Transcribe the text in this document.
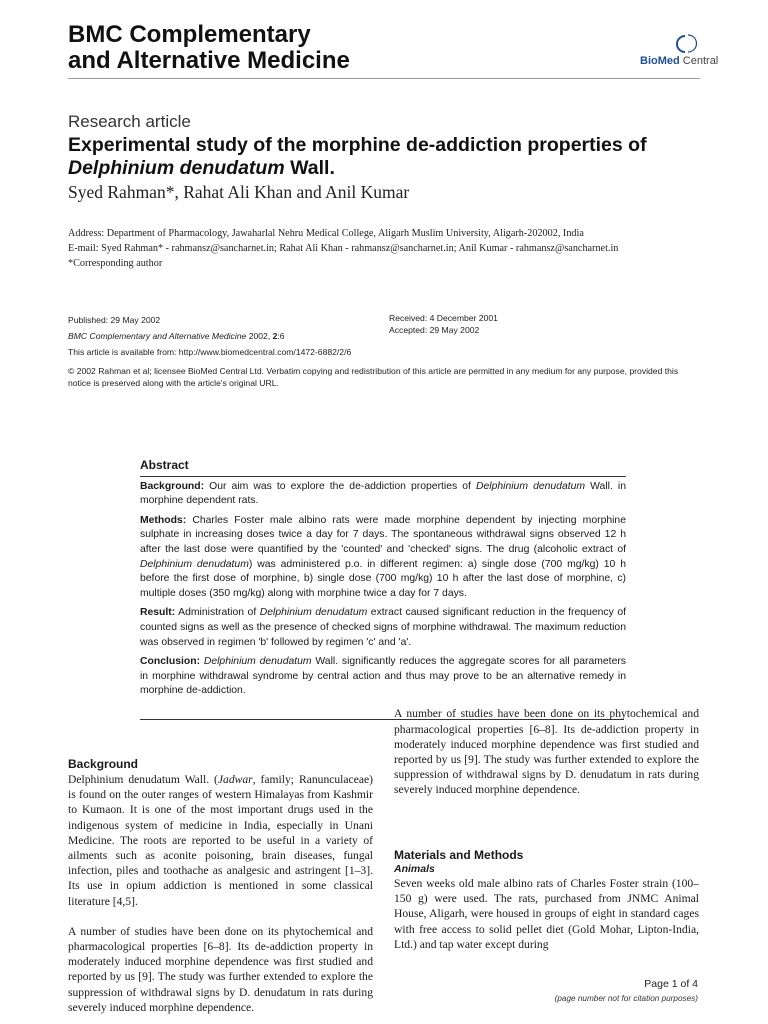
BMC Complementary
and Alternative Medicine	BioMed Central

Research article

Experimental study of the morphine de-addiction properties of
Delphinium denudatum Wall.

Syed Rahman*, Rahat Ali Khan and Anil Kumar

Address: Department of Pharmacology, Jawaharlal Nehru Medical College, Aligarh Muslim University, Aligarh-202002, India
E-mail: Syed Rahman* - rahmansz@sancharnet.in; Rahat Ali Khan - rahmansz@sancharnet.in; Anil Kumar - rahmansz@sancharnet.in
*Corresponding author
Published: 29 May 2002
BMC Complementary and Alternative Medicine 2002, 2:6
This article is available from: http://www.biomedcentral.com/1472-6882/2/6
Received: 4 December 2001
Accepted: 29 May 2002
© 2002 Rahman et al; licensee BioMed Central Ltd. Verbatim copying and redistribution of this article are permitted in any medium for any purpose, provided this notice is preserved along with the article's original URL.
Abstract

Background: Our aim was to explore the de-addiction properties of Delphinium denudatum Wall. in morphine dependent rats.

Methods: Charles Foster male albino rats were made morphine dependent by injecting morphine sulphate in increasing doses twice a day for 7 days. The spontaneous withdrawal signs observed 12 h after the last dose were quantified by the 'counted' and 'checked' signs. The drug (alcoholic extract of Delphinium denudatum) was administered p.o. in different regimen: a) single dose (700 mg/kg) 10 h before the first dose of morphine, b) single dose (700 mg/kg) 10 h after the last dose of morphine, c) multiple doses (350 mg/kg) along with morphine twice a day for 7 days.

Result: Administration of Delphinium denudatum extract caused significant reduction in the frequency of counted signs as well as the presence of checked signs of morphine withdrawal. The maximum reduction was observed in regimen 'b' followed by regimen 'c' and 'a'.

Conclusion: Delphinium denudatum Wall. significantly reduces the aggregate scores for all parameters in morphine withdrawal syndrome by central action and thus may prove to be an alternative remedy in morphine de-addiction.

Background

Delphinium denudatum Wall. (Jadwar, family; Ranunculaceae) is found on the outer ranges of western Himalayas from Kashmir to Kumaon. It is one of the most important drugs used in the indigenous system of medicine in India, especially in Unani Medicine. The roots are reported to be useful in a variety of ailments such as aconite poisoning, brain diseases, fungal infection, piles and toothache as analgesic and astringent [1–3]. Its use in opium addiction is mentioned in some classical literature [4,5].

A number of studies have been done on its phytochemical and pharmacological properties [6–8]. Its de-addiction property in moderately induced morphine dependence was first studied and reported by us [9]. The study was further extended to explore the suppression of withdrawal signs by D. denudatum in rats during severely induced morphine dependence.

A number of studies have been done on its phytochemical and pharmacological properties [6–8]. Its de-addiction property in moderately induced morphine dependence was first studied and reported by us [9]. The study was further extended to explore the suppression of withdrawal signs by D. denudatum in rats during severely induced morphine dependence.

Materials and Methods
Animals

Seven weeks old male albino rats of Charles Foster strain (100–150 g) were used. The rats, purchased from JNMC Animal House, Aligarh, were housed in groups of eight in standard cages with free access to solid pellet diet (Gold Mohar, Lipton-India, Ltd.) and tap water except during

Page 1 of 4
(page number not for citation purposes)
